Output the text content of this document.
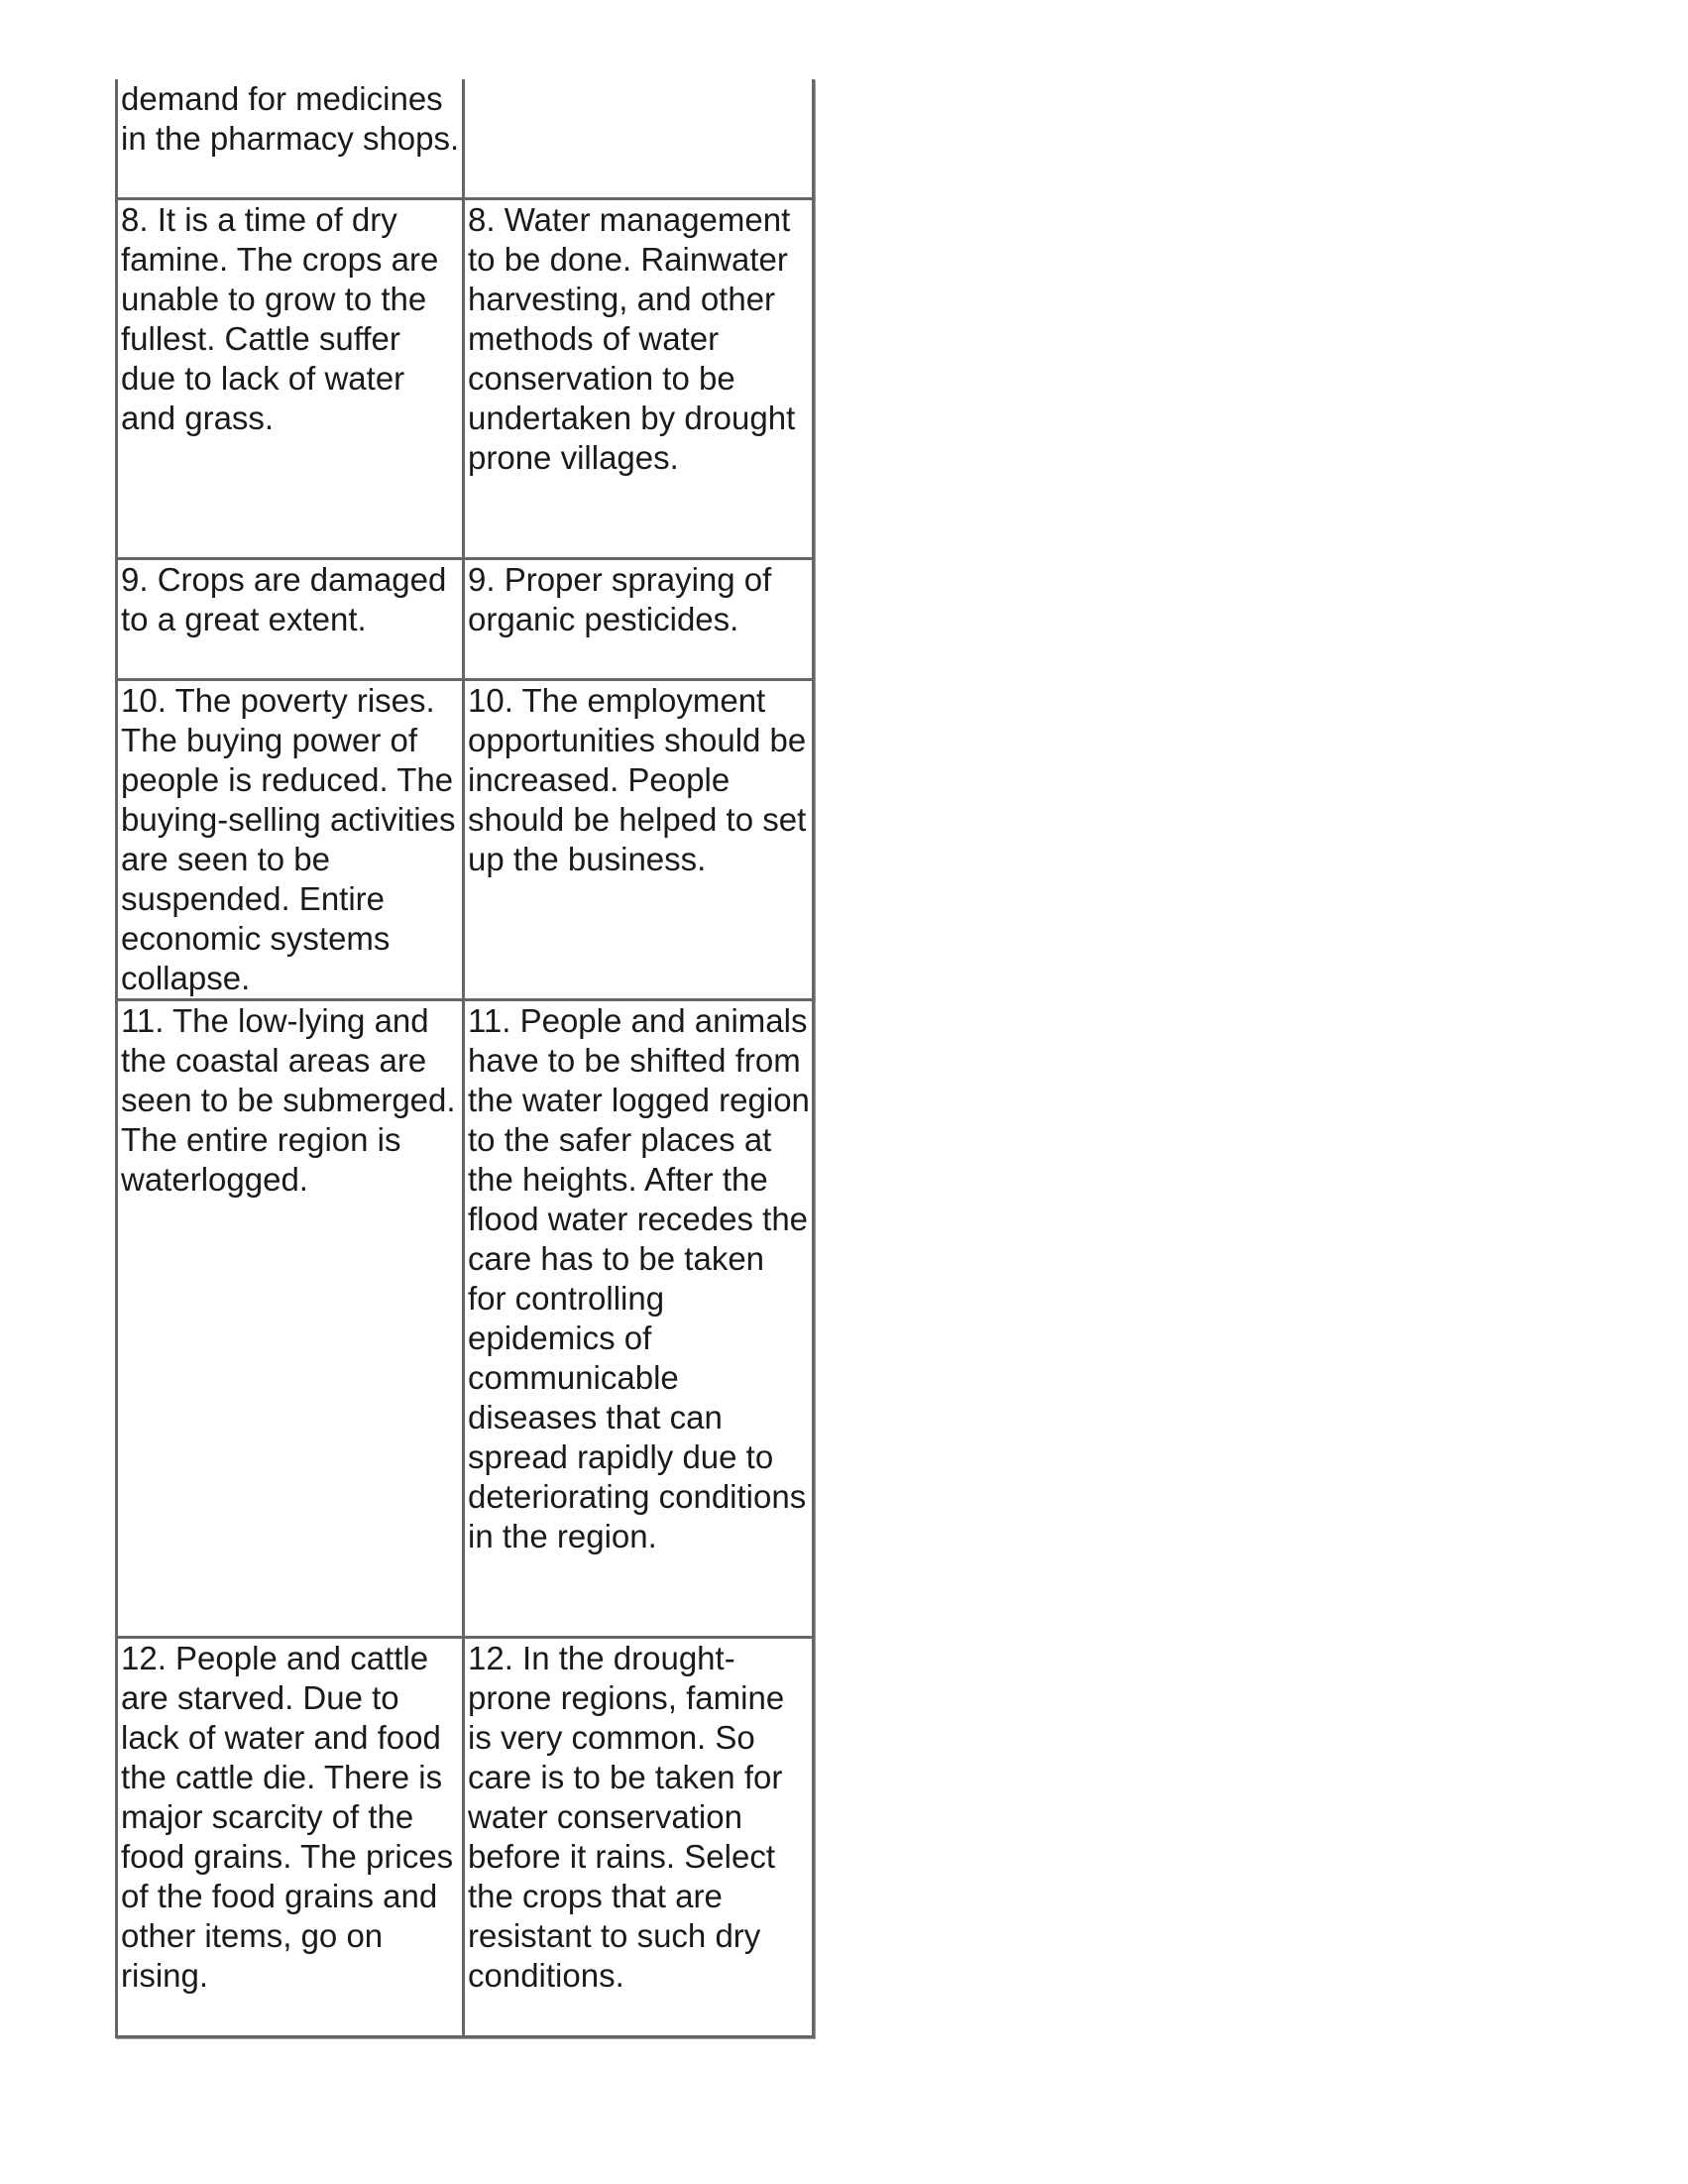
demand for medicines in the pharmacy shops.	
8. It is a time of dry famine. The crops are unable to grow to the fullest. Cattle suffer due to lack of water and grass.	8. Water management to be done. Rainwater harvesting, and other methods of water conservation to be undertaken by drought prone villages.
9. Crops are damaged to a great extent.	9. Proper spraying of organic pesticides.
10. The poverty rises. The buying power of people is reduced. The buying-selling activities are seen to be suspended. Entire economic systems collapse.	10. The employment opportunities should be increased. People should be helped to set up the business.
11. The low-lying and the coastal areas are seen to be submerged. The entire region is waterlogged.	11. People and animals have to be shifted from the water logged region to the safer places at the heights. After the flood water recedes the care has to be taken for controlling epidemics of communicable diseases that can spread rapidly due to deteriorating conditions in the region.
12. People and cattle are starved. Due to lack of water and food the cattle die. There is major scarcity of the food grains. The prices of the food grains and other items, go on rising.	12. In the drought-prone regions, famine is very common. So care is to be taken for water conservation before it rains. Select the crops that are resistant to such dry conditions.
